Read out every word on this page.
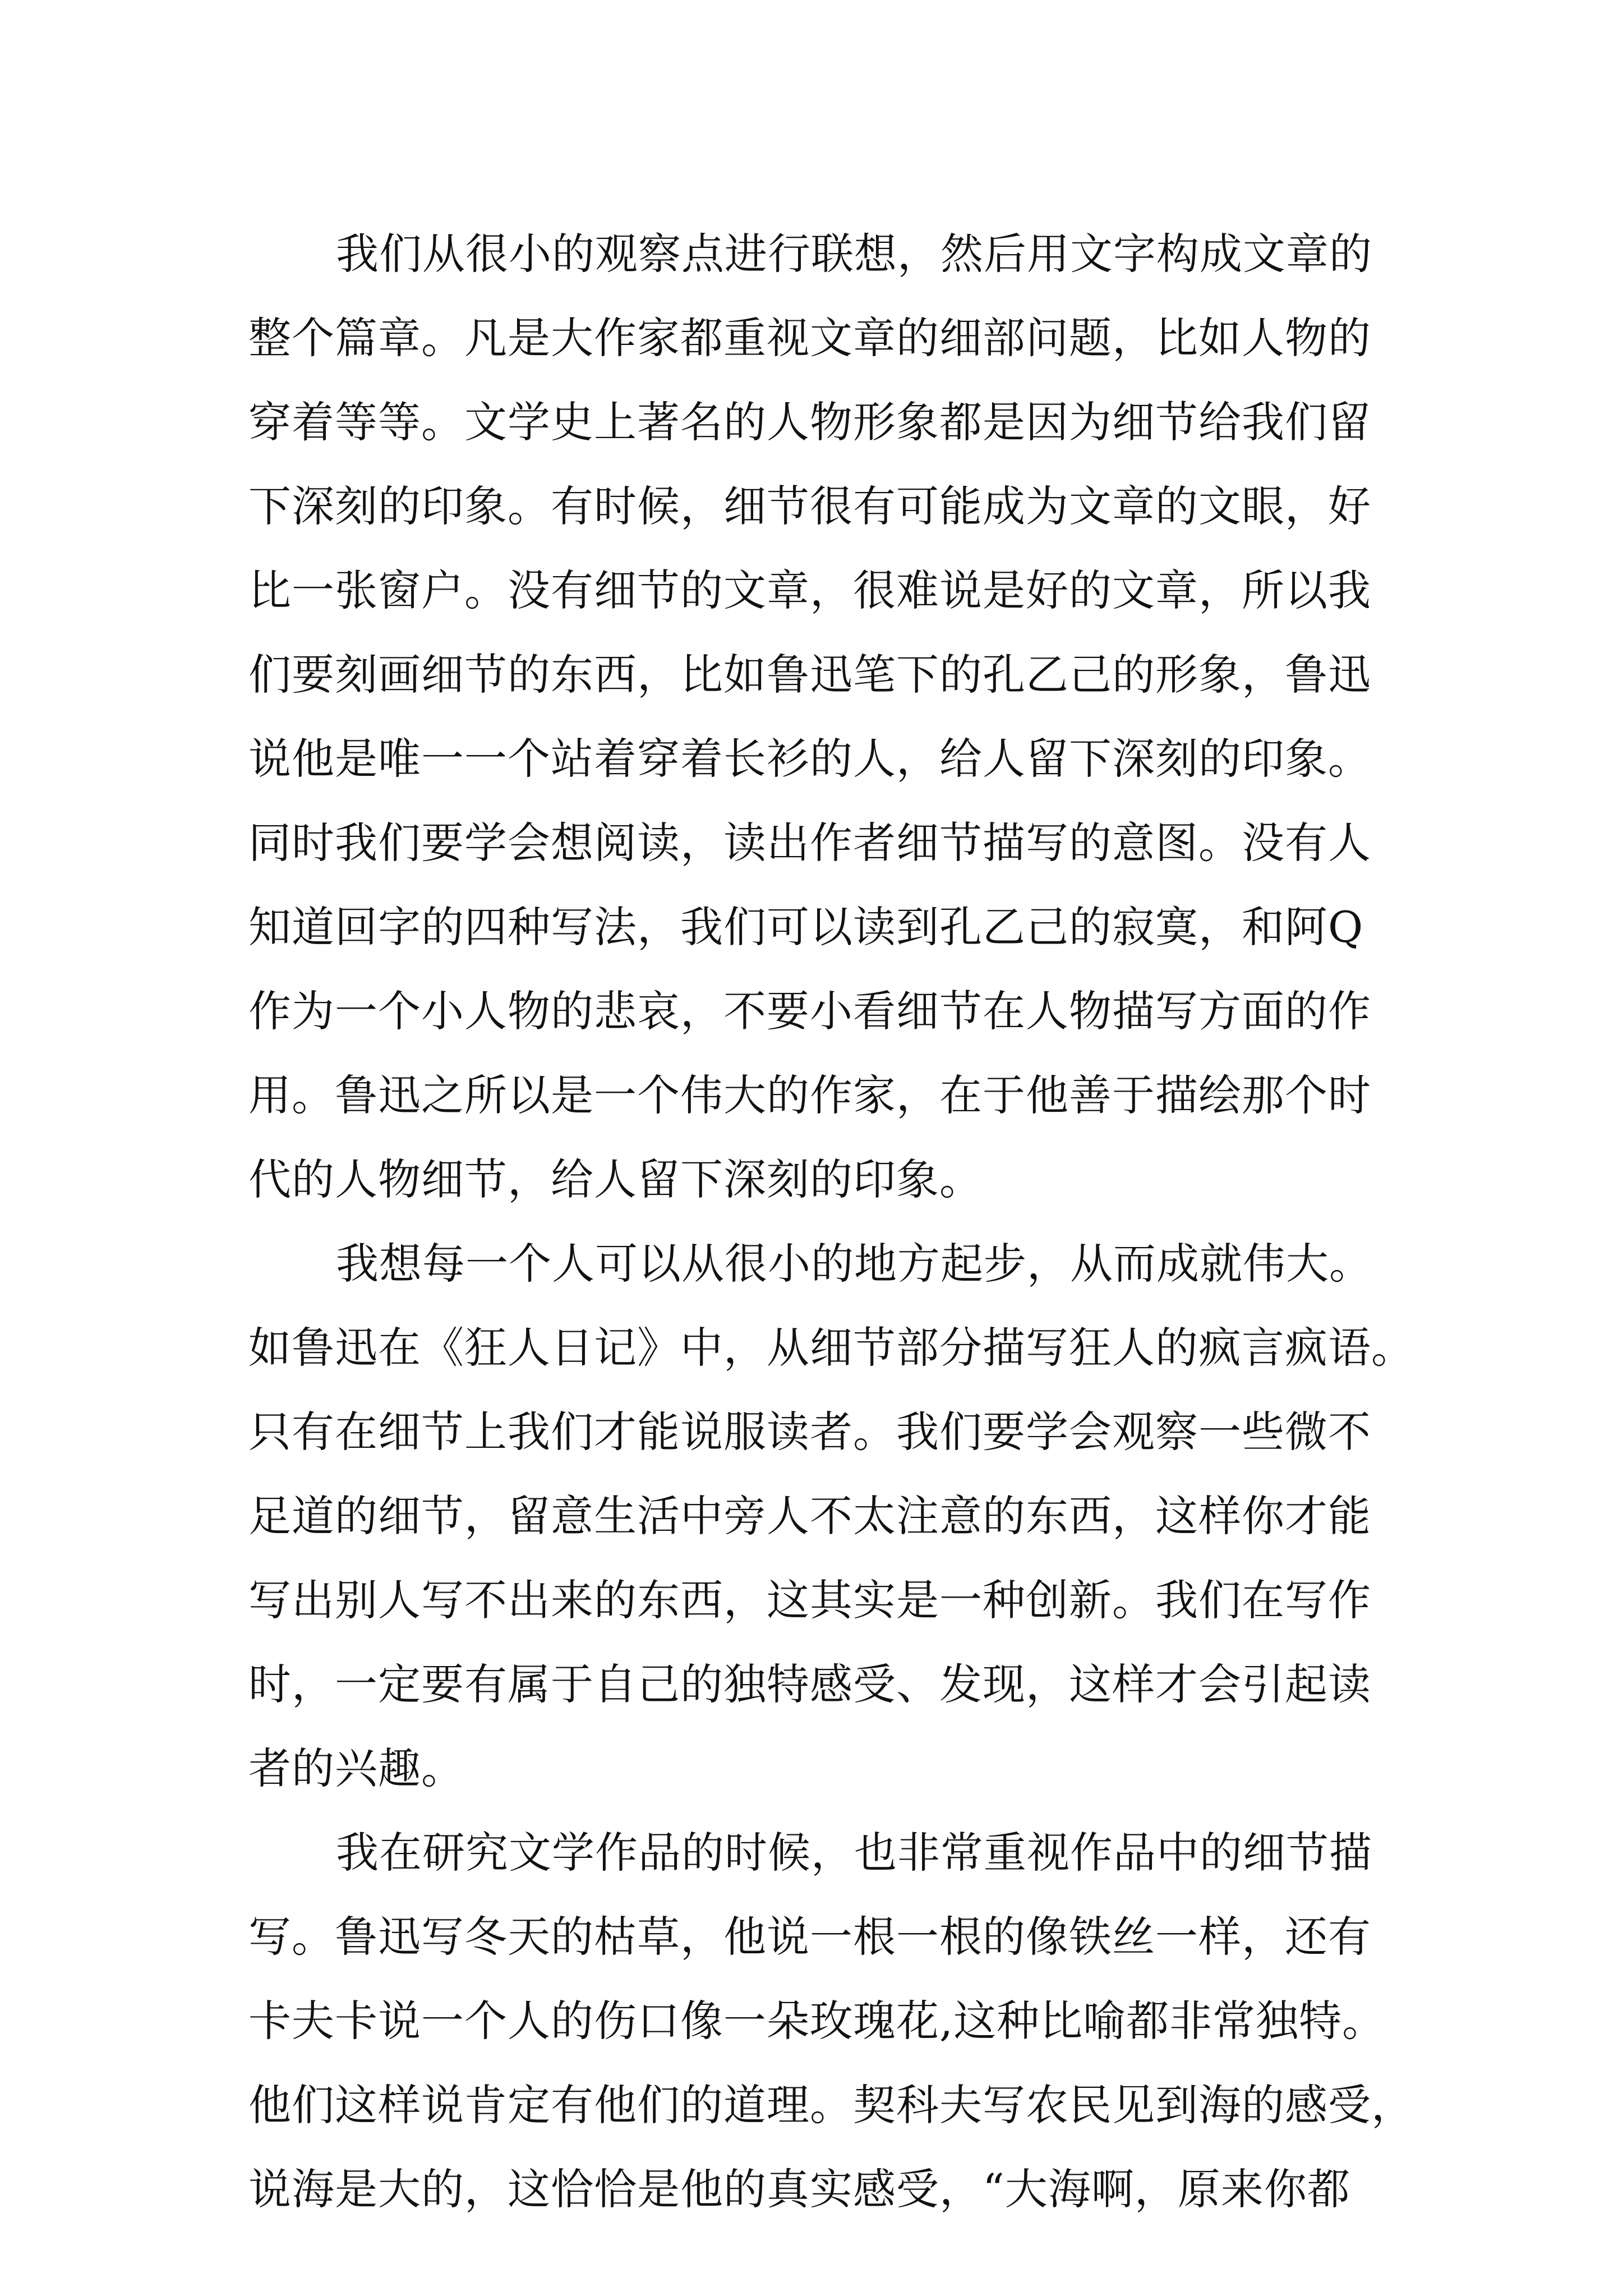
我们从很小的观察点进行联想，然后用文字构成文章的
整个篇章。凡是大作家都重视文章的细部问题，比如人物的
穿着等等。文学史上著名的人物形象都是因为细节给我们留
下深刻的印象。有时候，细节很有可能成为文章的文眼，好
比一张窗户。没有细节的文章，很难说是好的文章，所以我
们要刻画细节的东西，比如鲁迅笔下的孔乙己的形象，鲁迅
说他是唯一一个站着穿着长衫的人，给人留下深刻的印象。
同时我们要学会想阅读，读出作者细节描写的意图。没有人
知道回字的四种写法，我们可以读到孔乙己的寂寞，和阿Q
作为一个小人物的悲哀，不要小看细节在人物描写方面的作
用。鲁迅之所以是一个伟大的作家，在于他善于描绘那个时
代的人物细节，给人留下深刻的印象。
我想每一个人可以从很小的地方起步，从而成就伟大。
如鲁迅在《狂人日记》中，从细节部分描写狂人的疯言疯语。
只有在细节上我们才能说服读者。我们要学会观察一些微不
足道的细节，留意生活中旁人不太注意的东西，这样你才能
写出别人写不出来的东西，这其实是一种创新。我们在写作
时，一定要有属于自己的独特感受、发现，这样才会引起读
者的兴趣。
我在研究文学作品的时候，也非常重视作品中的细节描
写。鲁迅写冬天的枯草，他说一根一根的像铁丝一样，还有
卡夫卡说一个人的伤口像一朵玫瑰花,这种比喻都非常独特。
他们这样说肯定有他们的道理。契科夫写农民见到海的感受，
说海是大的，这恰恰是他的真实感受，“大海啊，原来你都
